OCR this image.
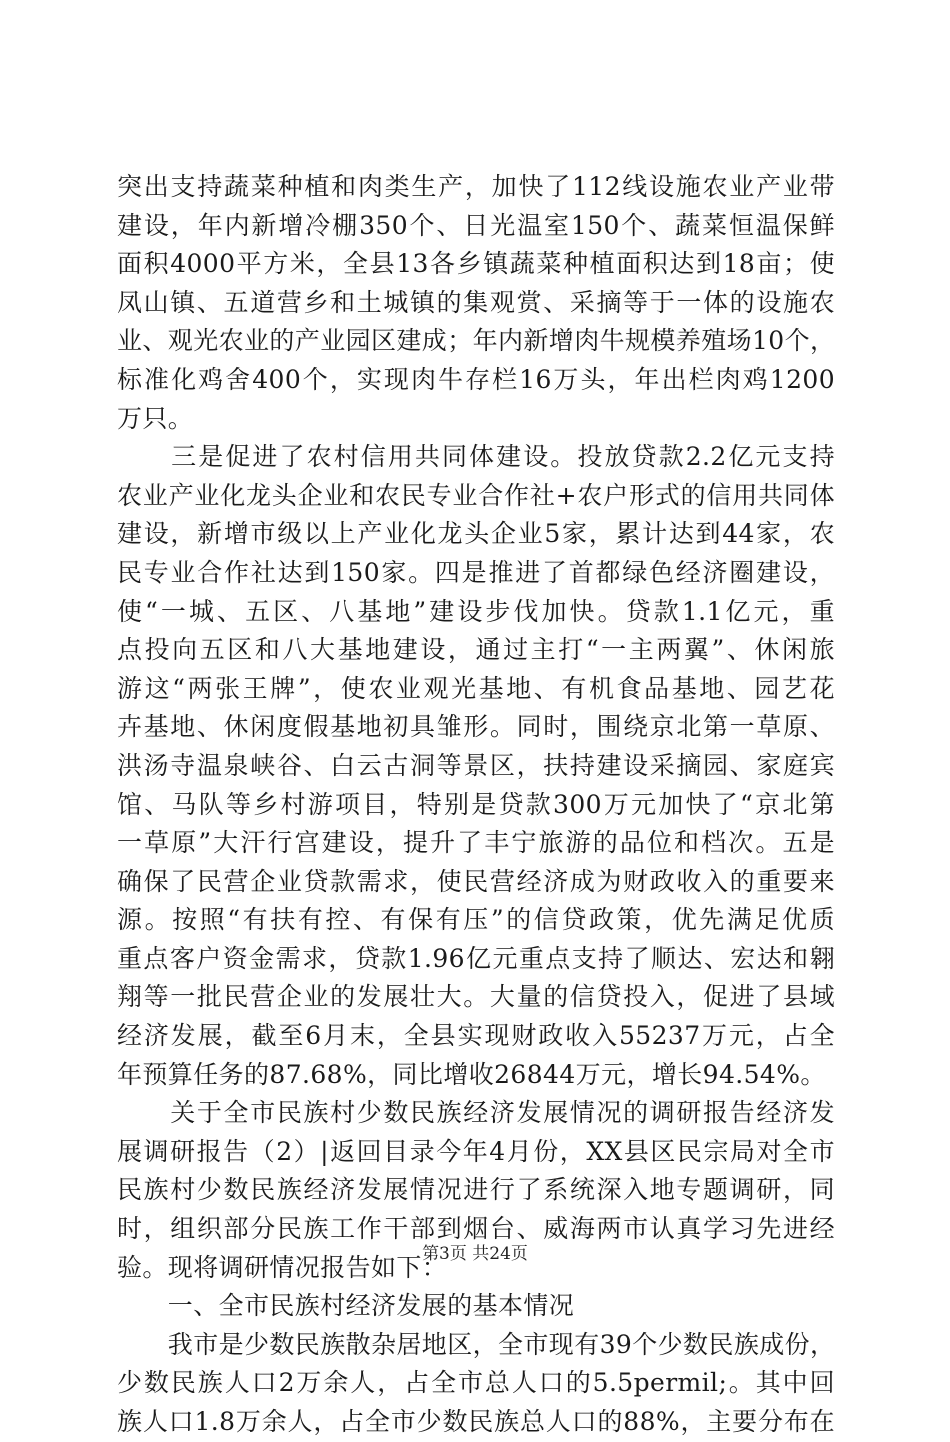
突出支持蔬菜种植和肉类生产，加快了112线设施农业产业带
建设，年内新增冷棚350个、日光温室150个、蔬菜恒温保鲜
面积4000平方米，全县13各乡镇蔬菜种植面积达到18亩；使
凤山镇、五道营乡和土城镇的集观赏、采摘等于一体的设施农
业、观光农业的产业园区建成；年内新增肉牛规模养殖场10个，
标准化鸡舍400个，实现肉牛存栏16万头，年出栏肉鸡1200
万只。
　　三是促进了农村信用共同体建设。投放贷款2.2亿元支持
农业产业化龙头企业和农民专业合作社+农户形式的信用共同体
建设，新增市级以上产业化龙头企业5家，累计达到44家，农
民专业合作社达到150家。四是推进了首都绿色经济圈建设，
使“一城、五区、八基地”建设步伐加快。贷款1.1亿元，重
点投向五区和八大基地建设，通过主打“一主两翼”、休闲旅
游这“两张王牌”，使农业观光基地、有机食品基地、园艺花
卉基地、休闲度假基地初具雏形。同时，围绕京北第一草原、
洪汤寺温泉峡谷、白云古洞等景区，扶持建设采摘园、家庭宾
馆、马队等乡村游项目，特别是贷款300万元加快了“京北第
一草原”大汗行宫建设，提升了丰宁旅游的品位和档次。五是
确保了民营企业贷款需求，使民营经济成为财政收入的重要来
源。按照“有扶有控、有保有压”的信贷政策，优先满足优质
重点客户资金需求，贷款1.96亿元重点支持了顺达、宏达和翱
翔等一批民营企业的发展壮大。大量的信贷投入，促进了县域
经济发展，截至6月末，全县实现财政收入55237万元，占全
年预算任务的87.68%，同比增收26844万元，增长94.54%。
　　关于全市民族村少数民族经济发展情况的调研报告经济发
展调研报告（2）|返回目录今年4月份，XX县区民宗局对全市
民族村少数民族经济发展情况进行了系统深入地专题调研，同
时，组织部分民族工作干部到烟台、威海两市认真学习先进经
验。现将调研情况报告如下：
　　一、全市民族村经济发展的基本情况
　　我市是少数民族散杂居地区，全市现有39个少数民族成份，
少数民族人口2万余人，占全市总人口的5.5permil;。其中回
族人口1.8万余人，占全市少数民族总人口的88%，主要分布在
第3页 共24页
